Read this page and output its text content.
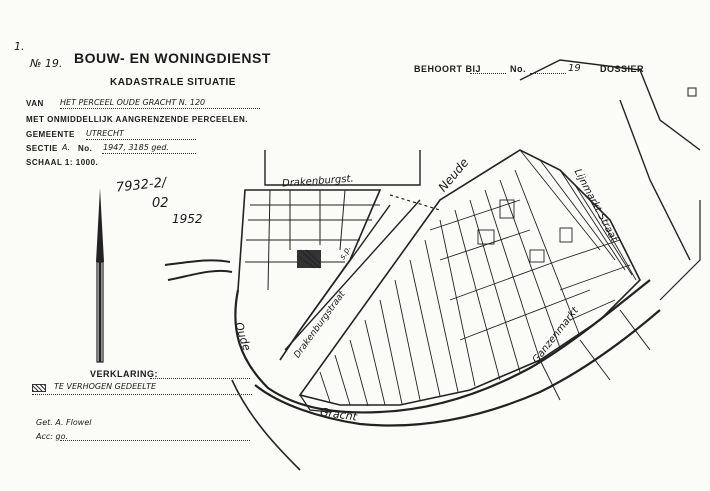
1.
№ 19. BOUW- EN WONINGDIENST
KADASTRALE SITUATIE
BEHOORT BIJ	No.	19 DOSSIER
VAN HET PERCEEL OUDE GRACHT N. 120
MET ONMIDDELLIJK AANGRENZENDE PERCEELEN.
GEMEENTE UTRECHT
SECTIE A. No. 1947, 3185 ged.
SCHAAL 1: 1000.
7932-2/
02
1952
VERKLARING:
TE VERHOGEN GEDEELTE
Get. A. Flowel
Acc: go.
Drakenburgst.	Neude	Lijnmarkt Straat
Ganzenmarkt
Drakenburgstraat
Oude
Gracht
s.p.
